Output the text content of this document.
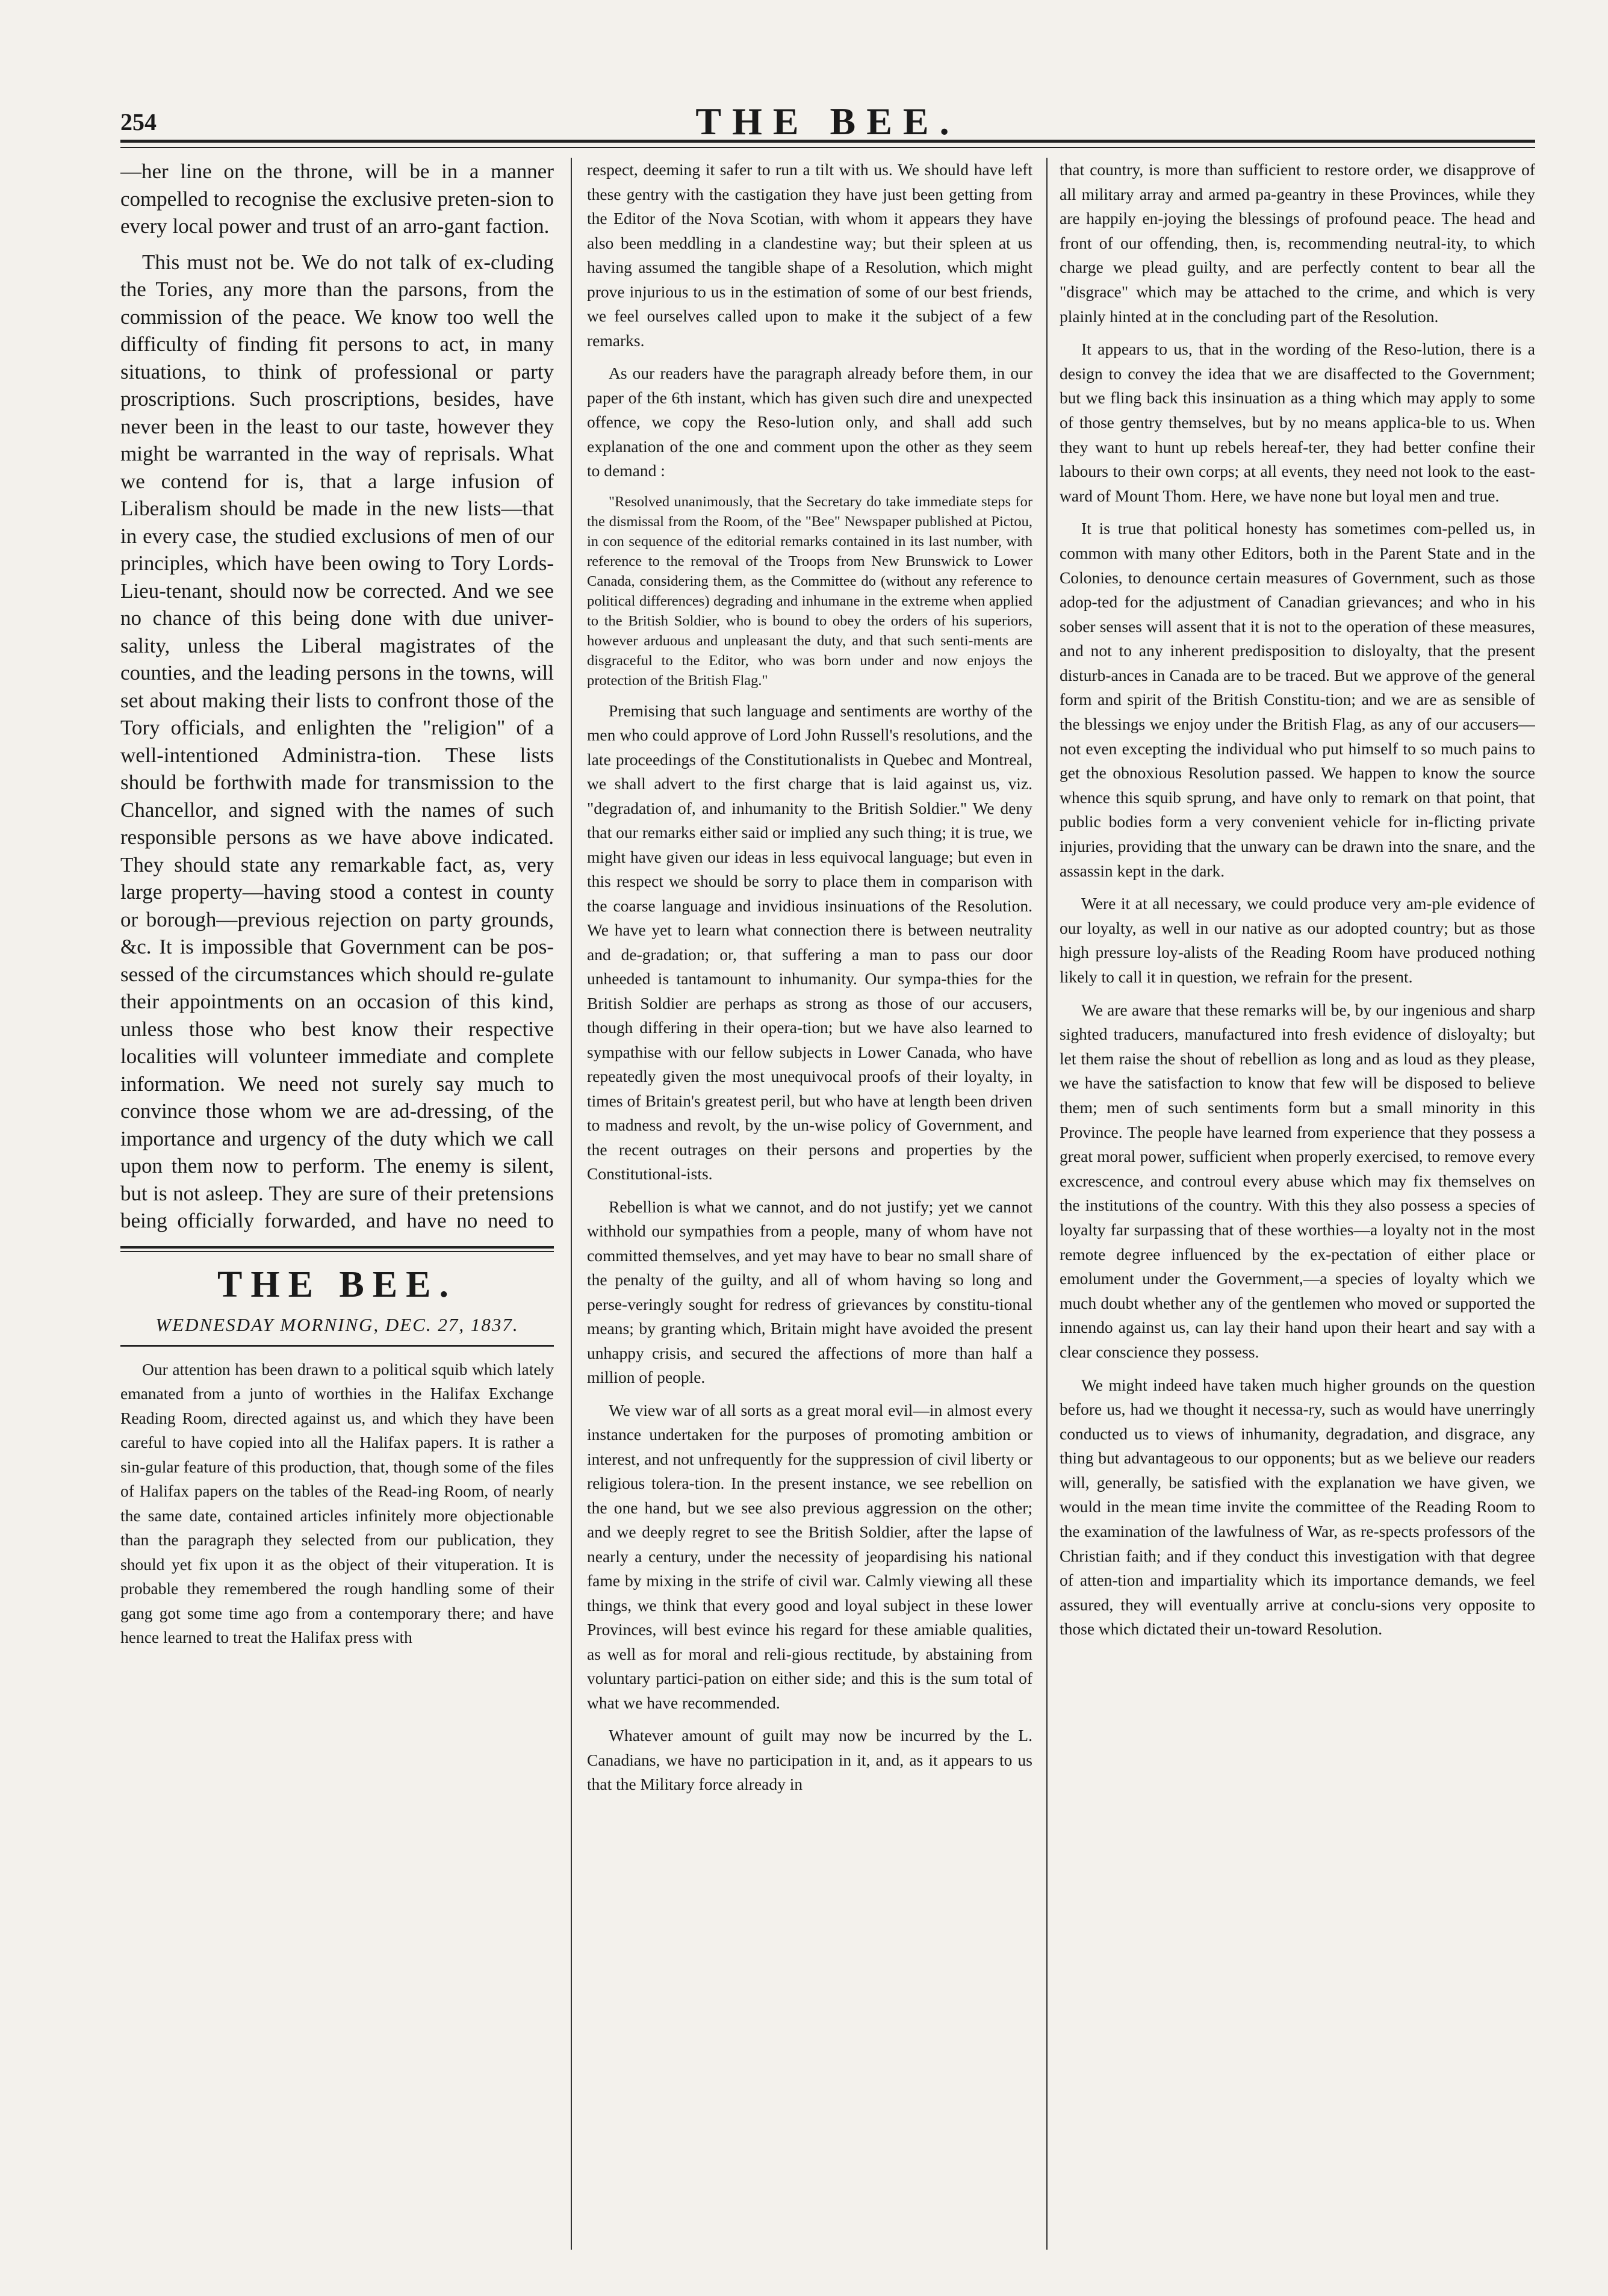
254	THE BEE.

—her line on the throne, will be in a manner compelled to recognise the exclusive preten-sion to every local power and trust of an arro-gant faction.

This must not be. We do not talk of ex-cluding the Tories, any more than the parsons, from the commission of the peace. We know too well the difficulty of finding fit persons to act, in many situations, to think of professional or party proscriptions. Such proscriptions, besides, have never been in the least to our taste, however they might be warranted in the way of reprisals. What we contend for is, that a large infusion of Liberalism should be made in the new lists—that in every case, the studied exclusions of men of our principles, which have been owing to Tory Lords-Lieu-tenant, should now be corrected. And we see no chance of this being done with due univer-sality, unless the Liberal magistrates of the counties, and the leading persons in the towns, will set about making their lists to confront those of the Tory officials, and enlighten the "religion" of a well-intentioned Administra-tion. These lists should be forthwith made for transmission to the Chancellor, and signed with the names of such responsible persons as we have above indicated. They should state any remarkable fact, as, very large property—having stood a contest in county or borough—previous rejection on party grounds, &c. It is impossible that Government can be pos-sessed of the circumstances which should re-gulate their appointments on an occasion of this kind, unless those who best know their respective localities will volunteer immediate and complete information. We need not surely say much to convince those whom we are ad-dressing, of the importance and urgency of the duty which we call upon them now to perform. The enemy is silent, but is not asleep. They are sure of their pretensions being officially forwarded, and have no need to

THE BEE.
WEDNESDAY MORNING, DEC. 27, 1837.

Our attention has been drawn to a political squib which lately emanated from a junto of worthies in the Halifax Exchange Reading Room, directed against us, and which they have been careful to have copied into all the Halifax papers. It is rather a sin-gular feature of this production, that, though some of the files of Halifax papers on the tables of the Read-ing Room, of nearly the same date, contained articles infinitely more objectionable than the paragraph they selected from our publication, they should yet fix upon it as the object of their vituperation. It is probable they remembered the rough handling some of their gang got some time ago from a contemporary there; and have hence learned to treat the Halifax press with

respect, deeming it safer to run a tilt with us. We should have left these gentry with the castigation they have just been getting from the Editor of the Nova Scotian, with whom it appears they have also been meddling in a clandestine way; but their spleen at us having assumed the tangible shape of a Resolution, which might prove injurious to us in the estimation of some of our best friends, we feel ourselves called upon to make it the subject of a few remarks.

As our readers have the paragraph already before them, in our paper of the 6th instant, which has given such dire and unexpected offence, we copy the Reso-lution only, and shall add such explanation of the one and comment upon the other as they seem to demand :

"Resolved unanimously, that the Secretary do take immediate steps for the dismissal from the Room, of the "Bee" Newspaper published at Pictou, in con sequence of the editorial remarks contained in its last number, with reference to the removal of the Troops from New Brunswick to Lower Canada, considering them, as the Committee do (without any reference to political differences) degrading and inhumane in the extreme when applied to the British Soldier, who is bound to obey the orders of his superiors, however arduous and unpleasant the duty, and that such senti-ments are disgraceful to the Editor, who was born under and now enjoys the protection of the British Flag."

Premising that such language and sentiments are worthy of the men who could approve of Lord John Russell's resolutions, and the late proceedings of the Constitutionalists in Quebec and Montreal, we shall advert to the first charge that is laid against us, viz. "degradation of, and inhumanity to the British Soldier." We deny that our remarks either said or implied any such thing; it is true, we might have given our ideas in less equivocal language; but even in this respect we should be sorry to place them in comparison with the coarse language and invidious insinuations of the Resolution. We have yet to learn what connection there is between neutrality and de-gradation; or, that suffering a man to pass our door unheeded is tantamount to inhumanity. Our sympa-thies for the British Soldier are perhaps as strong as those of our accusers, though differing in their opera-tion; but we have also learned to sympathise with our fellow subjects in Lower Canada, who have repeatedly given the most unequivocal proofs of their loyalty, in times of Britain's greatest peril, but who have at length been driven to madness and revolt, by the un-wise policy of Government, and the recent outrages on their persons and properties by the Constitutional-ists.

Rebellion is what we cannot, and do not justify; yet we cannot withhold our sympathies from a people, many of whom have not committed themselves, and yet may have to bear no small share of the penalty of the guilty, and all of whom having so long and perse-veringly sought for redress of grievances by constitu-tional means; by granting which, Britain might have avoided the present unhappy crisis, and secured the affections of more than half a million of people.

We view war of all sorts as a great moral evil—in almost every instance undertaken for the purposes of promoting ambition or interest, and not unfrequently for the suppression of civil liberty or religious tolera-tion. In the present instance, we see rebellion on the one hand, but we see also previous aggression on the other; and we deeply regret to see the British Soldier, after the lapse of nearly a century, under the necessity of jeopardising his national fame by mixing in the strife of civil war. Calmly viewing all these things, we think that every good and loyal subject in these lower Provinces, will best evince his regard for these amiable qualities, as well as for moral and reli-gious rectitude, by abstaining from voluntary partici-pation on either side; and this is the sum total of what we have recommended.

Whatever amount of guilt may now be incurred by the L. Canadians, we have no participation in it, and, as it appears to us that the Military force already in

that country, is more than sufficient to restore order, we disapprove of all military array and armed pa-geantry in these Provinces, while they are happily en-joying the blessings of profound peace. The head and front of our offending, then, is, recommending neutral-ity, to which charge we plead guilty, and are perfectly content to bear all the "disgrace" which may be attached to the crime, and which is very plainly hinted at in the concluding part of the Resolution.

It appears to us, that in the wording of the Reso-lution, there is a design to convey the idea that we are disaffected to the Government; but we fling back this insinuation as a thing which may apply to some of those gentry themselves, but by no means applica-ble to us. When they want to hunt up rebels hereaf-ter, they had better confine their labours to their own corps; at all events, they need not look to the east-ward of Mount Thom. Here, we have none but loyal men and true.

It is true that political honesty has sometimes com-pelled us, in common with many other Editors, both in the Parent State and in the Colonies, to denounce certain measures of Government, such as those adop-ted for the adjustment of Canadian grievances; and who in his sober senses will assent that it is not to the operation of these measures, and not to any inherent predisposition to disloyalty, that the present disturb-ances in Canada are to be traced. But we approve of the general form and spirit of the British Constitu-tion; and we are as sensible of the blessings we enjoy under the British Flag, as any of our accusers—not even excepting the individual who put himself to so much pains to get the obnoxious Resolution passed. We happen to know the source whence this squib sprung, and have only to remark on that point, that public bodies form a very convenient vehicle for in-flicting private injuries, providing that the unwary can be drawn into the snare, and the assassin kept in the dark.

Were it at all necessary, we could produce very am-ple evidence of our loyalty, as well in our native as our adopted country; but as those high pressure loy-alists of the Reading Room have produced nothing likely to call it in question, we refrain for the present.

We are aware that these remarks will be, by our ingenious and sharp sighted traducers, manufactured into fresh evidence of disloyalty; but let them raise the shout of rebellion as long and as loud as they please, we have the satisfaction to know that few will be disposed to believe them; men of such sentiments form but a small minority in this Province. The people have learned from experience that they possess a great moral power, sufficient when properly exercised, to remove every excrescence, and controul every abuse which may fix themselves on the institutions of the country. With this they also possess a species of loyalty far surpassing that of these worthies—a loyalty not in the most remote degree influenced by the ex-pectation of either place or emolument under the Government,—a species of loyalty which we much doubt whether any of the gentlemen who moved or supported the innendo against us, can lay their hand upon their heart and say with a clear conscience they possess.

We might indeed have taken much higher grounds on the question before us, had we thought it necessa-ry, such as would have unerringly conducted us to views of inhumanity, degradation, and disgrace, any thing but advantageous to our opponents; but as we believe our readers will, generally, be satisfied with the explanation we have given, we would in the mean time invite the committee of the Reading Room to the examination of the lawfulness of War, as re-spects professors of the Christian faith; and if they conduct this investigation with that degree of atten-tion and impartiality which its importance demands, we feel assured, they will eventually arrive at conclu-sions very opposite to those which dictated their un-toward Resolution.
